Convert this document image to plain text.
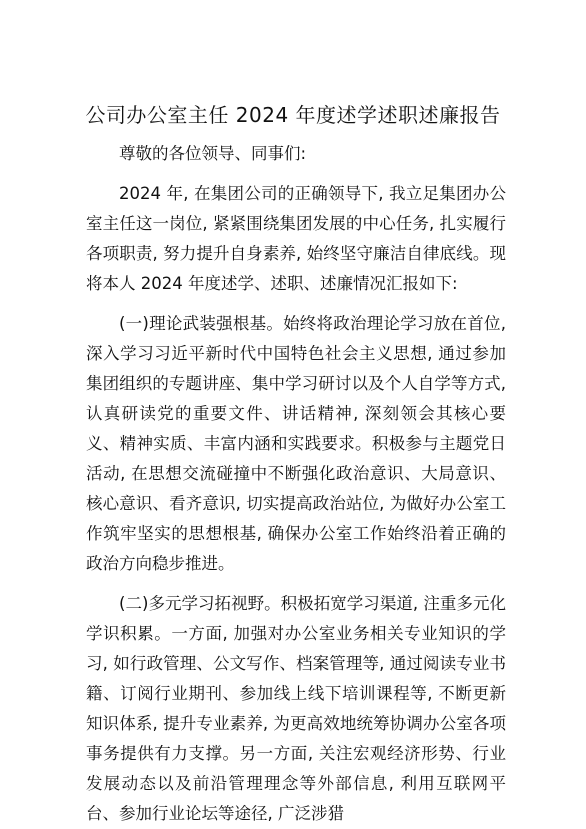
公司办公室主任 2024 年度述学述职述廉报告

尊敬的各位领导、同事们:

2024 年, 在集团公司的正确领导下, 我立足集团办公室主任这一岗位, 紧紧围绕集团发展的中心任务, 扎实履行各项职责, 努力提升自身素养, 始终坚守廉洁自律底线。现将本人 2024 年度述学、述职、述廉情况汇报如下:

(一)理论武装强根基。始终将政治理论学习放在首位, 深入学习习近平新时代中国特色社会主义思想, 通过参加集团组织的专题讲座、集中学习研讨以及个人自学等方式, 认真研读党的重要文件、讲话精神, 深刻领会其核心要义、精神实质、丰富内涵和实践要求。积极参与主题党日活动, 在思想交流碰撞中不断强化政治意识、大局意识、核心意识、看齐意识, 切实提高政治站位, 为做好办公室工作筑牢坚实的思想根基, 确保办公室工作始终沿着正确的政治方向稳步推进。

(二)多元学习拓视野。积极拓宽学习渠道, 注重多元化学识积累。一方面, 加强对办公室业务相关专业知识的学习, 如行政管理、公文写作、档案管理等, 通过阅读专业书籍、订阅行业期刊、参加线上线下培训课程等, 不断更新知识体系, 提升专业素养, 为更高效地统筹协调办公室各项事务提供有力支撑。另一方面, 关注宏观经济形势、行业发展动态以及前沿管理理念等外部信息, 利用互联网平台、参加行业论坛等途径, 广泛涉猎
